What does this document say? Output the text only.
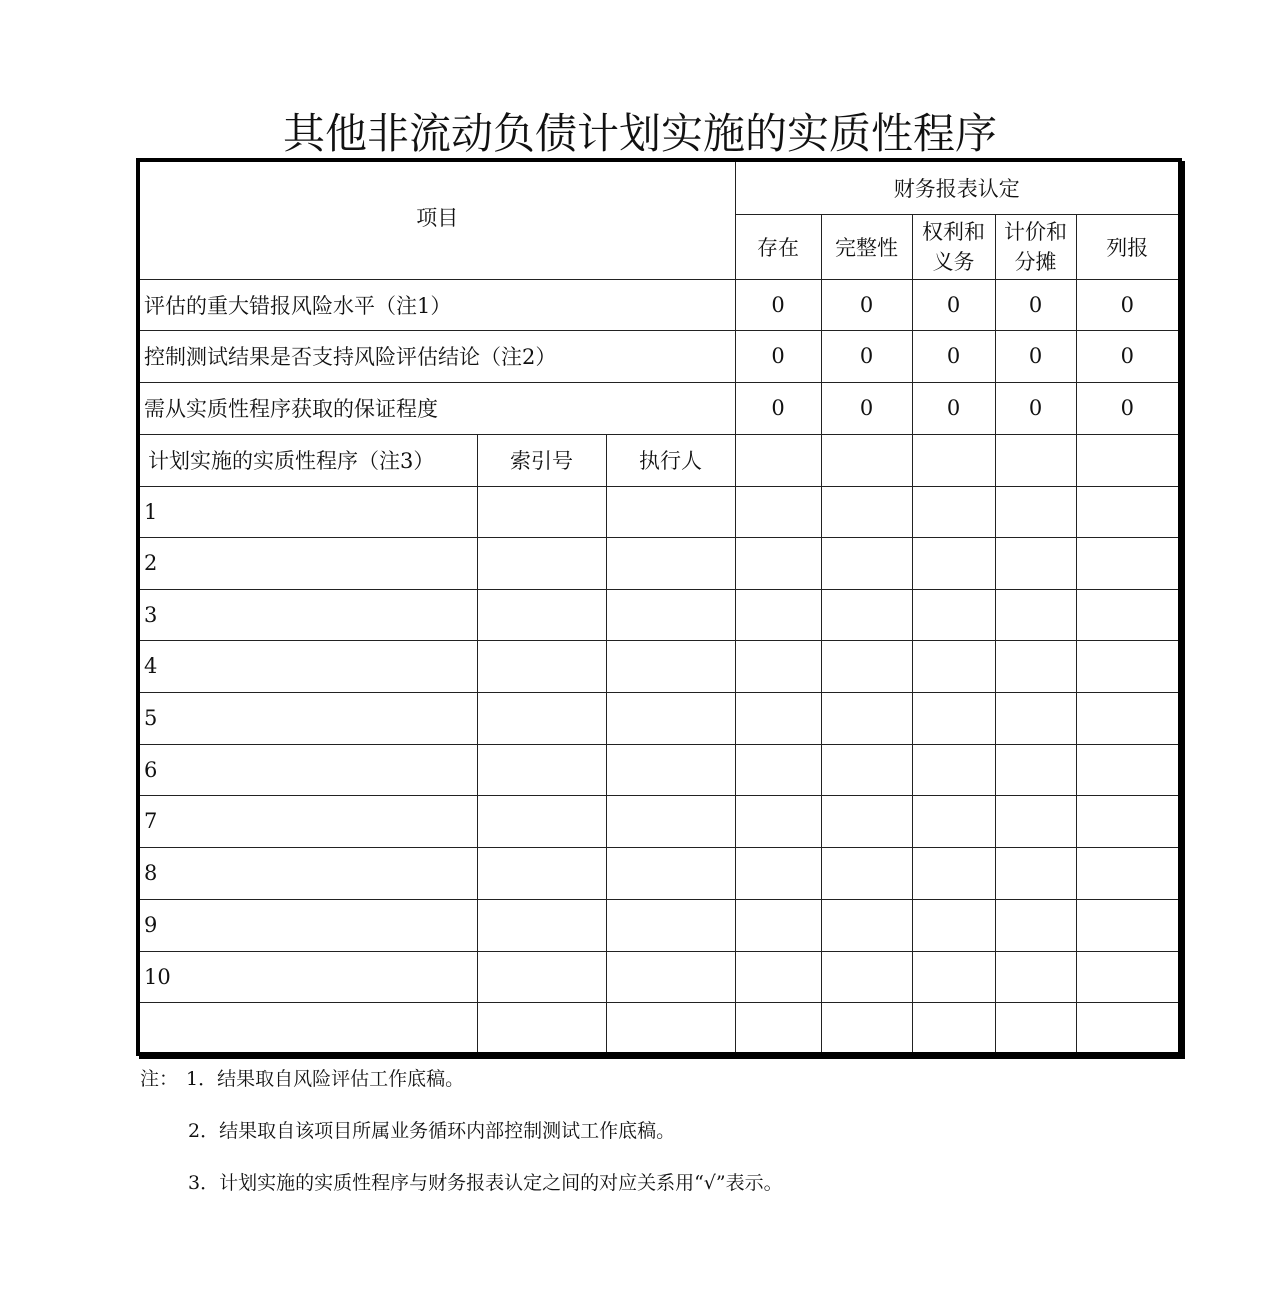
其他非流动负债计划实施的实质性程序
项目			财务报表认定				
			存在	完整性	权利和义务	计价和分摊	列报
评估的重大错报风险水平（注1）			0	0	0	0	0
控制测试结果是否支持风险评估结论（注2）			0	0	0	0	0
需从实质性程序获取的保证程度			0	0	0	0	0
计划实施的实质性程序（注3）	索引号	执行人					
1							
2							
3							
4							
5							
6							
7							
8							
9							
10							

注： 1．结果取自风险评估工作底稿。
2．结果取自该项目所属业务循环内部控制测试工作底稿。
3．计划实施的实质性程序与财务报表认定之间的对应关系用“√”表示。
